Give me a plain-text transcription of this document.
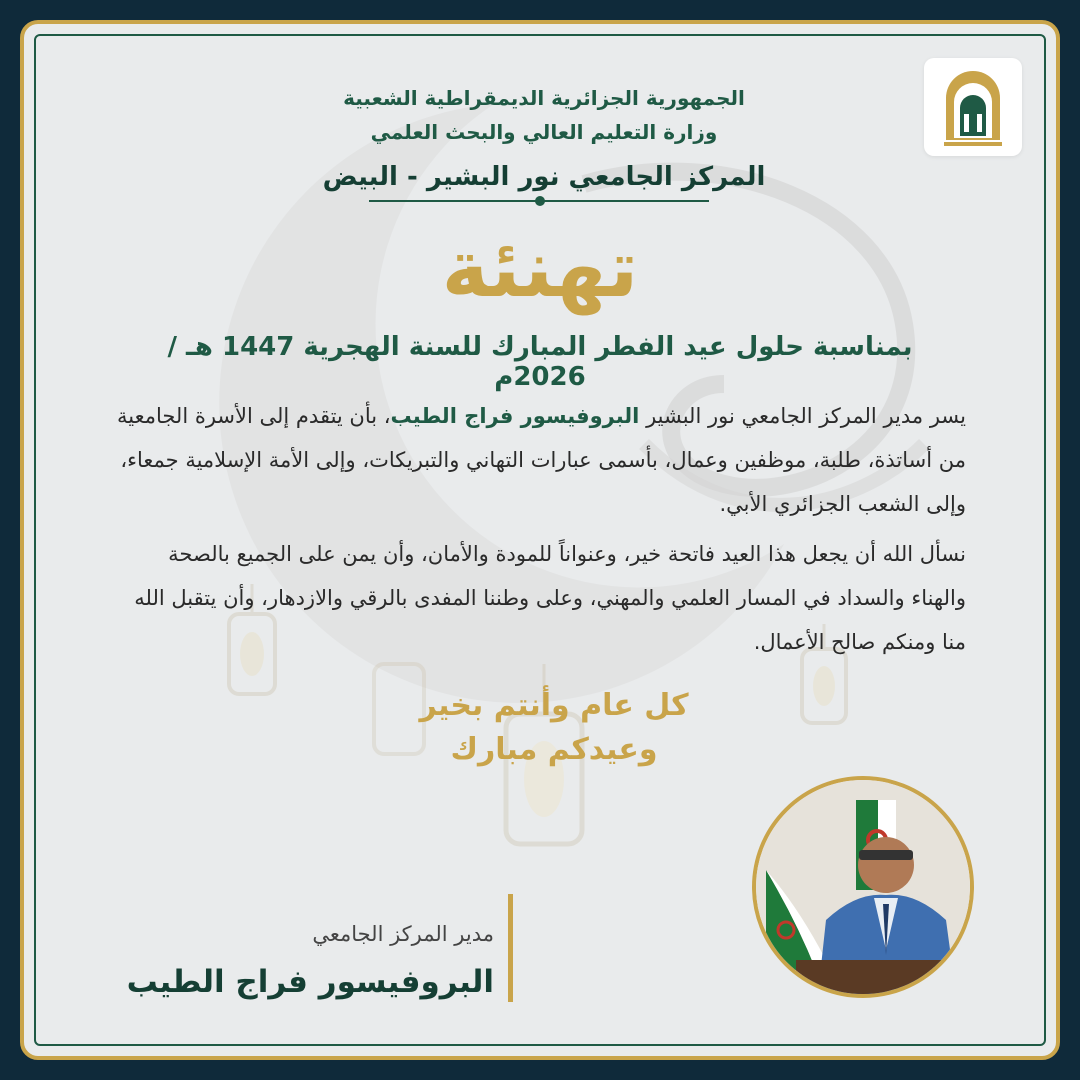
الجمهورية الجزائرية الديمقراطية الشعبية
وزارة التعليم العالي والبحث العلمي
المركز الجامعي نور البشير - البيض
تهنئة
بمناسبة حلول عيد الفطر المبارك للسنة الهجرية 1447 هـ / 2026م
يسر مدير المركز الجامعي نور البشير البروفيسور فراج الطيب، بأن يتقدم إلى الأسرة الجامعية من أساتذة، طلبة، موظفين وعمال، بأسمى عبارات التهاني والتبريكات، وإلى الأمة الإسلامية جمعاء، وإلى الشعب الجزائري الأبي.
نسأل الله أن يجعل هذا العيد فاتحة خير، وعنواناً للمودة والأمان، وأن يمن على الجميع بالصحة والهناء والسداد في المسار العلمي والمهني، وعلى وطننا المفدى بالرقي والازدهار، وأن يتقبل الله منا ومنكم صالح الأعمال.
كل عام وأنتم بخير
وعيدكم مبارك
مدير المركز الجامعي
البروفيسور فراج الطيب
